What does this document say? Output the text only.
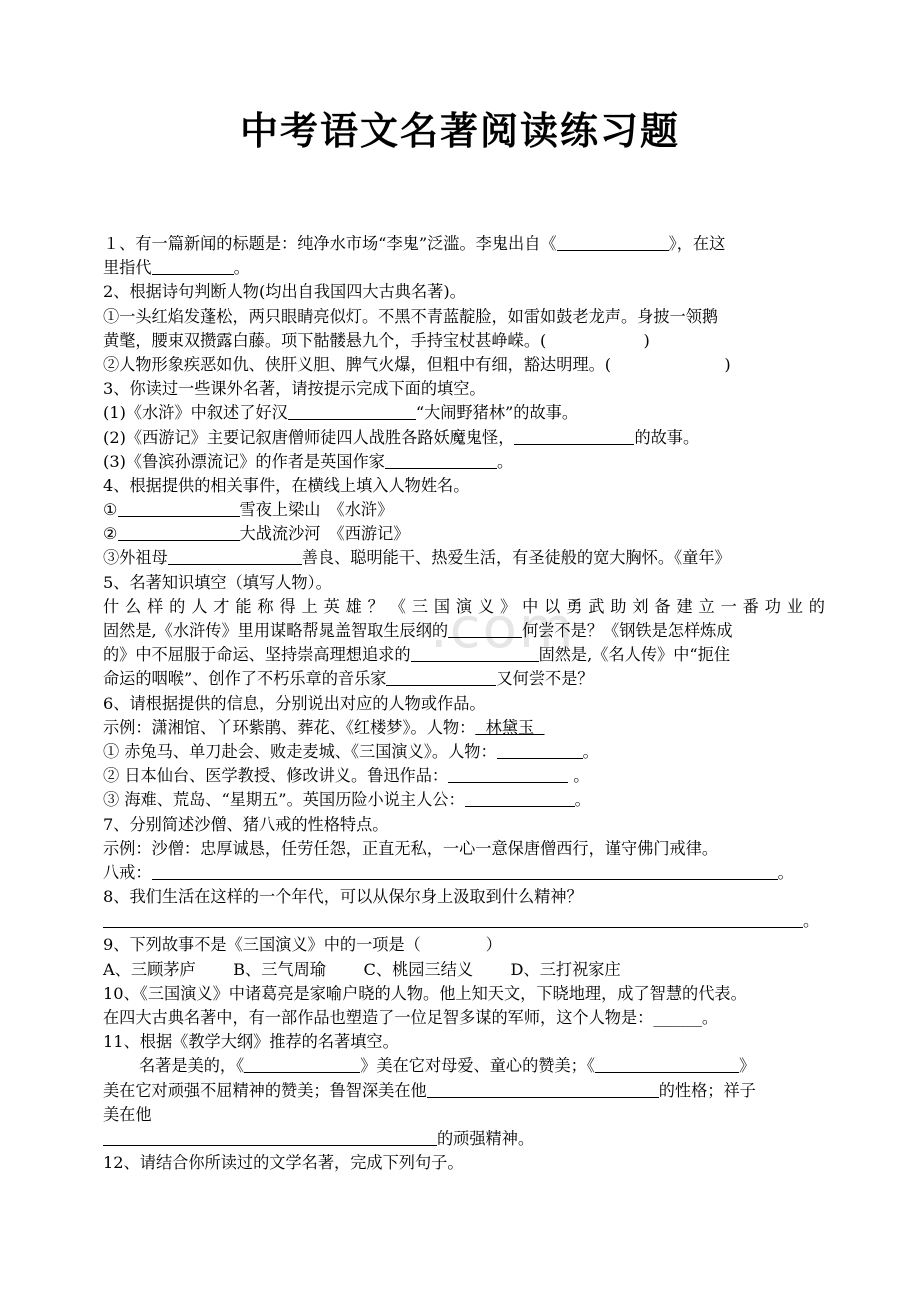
.com
中考语文名著阅读练习题
１、有一篇新闻的标题是：纯净水市场“李鬼”泛滥。李鬼出自《	》，在这
里指代	。
2、根据诗句判断人物(均出自我国四大古典名著)。
①一头红焰发蓬松，两只眼睛亮似灯。不黑不青蓝靛脸，如雷如鼓老龙声。身披一领鹅
黄氅，腰束双攒露白藤。项下骷髅悬九个，手持宝杖甚峥嵘。(　　　　　　)
②人物形象疾恶如仇、侠肝义胆、脾气火爆，但粗中有细，豁达明理。(　　　　　　　)
3、你读过一些课外名著，请按提示完成下面的填空。
(1)《水浒》中叙述了好汉	“大闹野猪林”的故事。
(2)《西游记》主要记叙唐僧师徒四人战胜各路妖魔鬼怪，	的故事。
(3)《鲁滨孙漂流记》的作者是英国作家	。
4、根据提供的相关事件，在横线上填入人物姓名。
①	雪夜上梁山　《水浒》
②	大战流沙河　《西游记》
③外祖母	善良、聪明能干、热爱生活，有圣徒般的宽大胸怀。《童年》
5、名著知识填空（填写人物）。
什么样的人才能称得上英雄？《三国演义》中以勇武助刘备建立一番功业的
固然是,《水浒传》里用谋略帮晁盖智取生辰纲的	何尝不是？《钢铁是怎样炼成
的》中不屈服于命运、坚持崇高理想追求的	固然是,《名人传》中“扼住
命运的咽喉”、创作了不朽乐章的音乐家	又何尝不是？
6、请根据提供的信息，分别说出对应的人物或作品。
示例：潇湘馆、丫环紫鹃、葬花、《红楼梦》。人物：  林黛玉
① 赤兔马、单刀赴会、败走麦城、《三国演义》。人物：	。
② 日本仙台、医学教授、修改讲义。鲁迅作品：	。
③ 海难、荒岛、“星期五”。英国历险小说主人公：	。
7、分别简述沙僧、猪八戒的性格特点。
示例：沙僧：忠厚诚恳，任劳任怨，正直无私，一心一意保唐僧西行，谨守佛门戒律。
八戒：	。
8、我们生活在这样的一个年代，可以从保尔身上汲取到什么精神？
。
9、下列故事不是《三国演义》中的一项是（　　　　）
A、三顾茅庐　　 B、三气周瑜　　 C、桃园三结义　　 D、三打祝家庄
10、《三国演义》中诸葛亮是家喻户晓的人物。他上知天文，下晓地理，成了智慧的代表。
在四大古典名著中，有一部作品也塑造了一位足智多谋的军师，这个人物是：______。
11、根据《教学大纲》推荐的名著填空。
名著是美的，《	》美在它对母爱、童心的赞美；《	》
美在它对顽强不屈精神的赞美；鲁智深美在他	的性格；祥子
美在他
的顽强精神。
12、请结合你所读过的文学名著，完成下列句子。
